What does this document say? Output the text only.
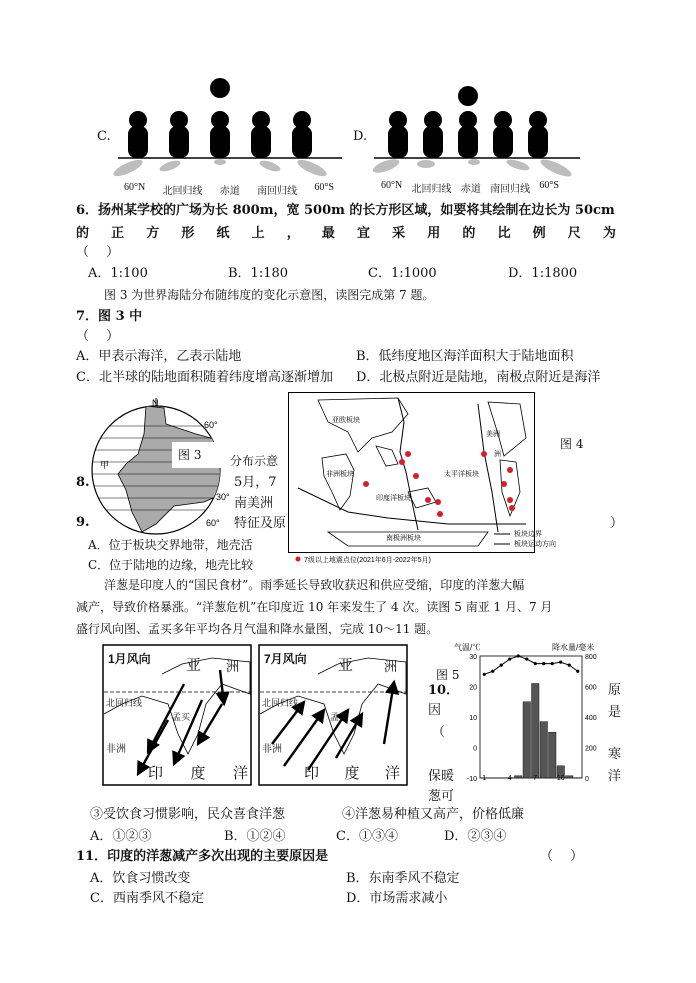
C.
60°N 北回归线 赤道 南回归线 60°S
D.
60°N 北回归线 赤道 南回归线 60°S
6．扬州某学校的广场为长 800m，宽 500m 的长方形区域，如要将其绘制在边长为 50cm
的 正 方 形 纸 上 ， 最 宜 采 用 的 比 例 尺 为
（　 ）
A．1:100	B．1:180	C．1:1000	D．1:1800
图 3 为世界海陆分布随纬度的变化示意图，读图完成第 7 题。
7．图 3 中
（　 ）
A．甲表示海洋，乙表示陆地	B．低纬度地区海洋面积大于陆地面积
C．北半球的陆地面积随着纬度增高逐渐增加 D．北极点附近是陆地，南极点附近是海洋
N
60°
30°
60°
甲
图 3 分布示意
8.	5月，7
南美洲
9.	特征及原	）
A．位于板块交界地带，地壳活
C．位于陆地的边缘，地壳比较
亚欧板块
美洲
太平洋板块
非洲板块
印度洋板块
南极洲板块
洲
板块边界
板块运动方向
7级以上地震点位(2021年6月-2022年5月)
图 4
洋葱是印度人的“国民食材”。雨季延长导致收获迟和供应受缩，印度的洋葱大幅
减产，导致价格暴涨。“洋葱危机”在印度近 10 年来发生了 4 次。读图 5 南亚 1 月、7 月
盛行风向图、孟买多年平均各月气温和降水量图，完成 10～11 题。
1月风向	7月风向
亚 洲	亚 洲
北回归线	北回归线
孟买	孟买
非洲	非洲
印 度 洋	印 度 洋
图 5
气温/℃	降水量/毫米
-10
0
10
20
30
0
200
400
600
800
1	4	7	10
10．
因
（
原
是
寒
洋
保暖
葱可
③受饮食习惯影响，民众喜食洋葱	④洋葱易种植又高产，价格低廉
A．①②③	B．①②④	C．①③④	D．②③④
11．印度的洋葱减产多次出现的主要原因是	（　 ）
A．饮食习惯改变	B．东南季风不稳定
C．西南季风不稳定	D．市场需求减小
